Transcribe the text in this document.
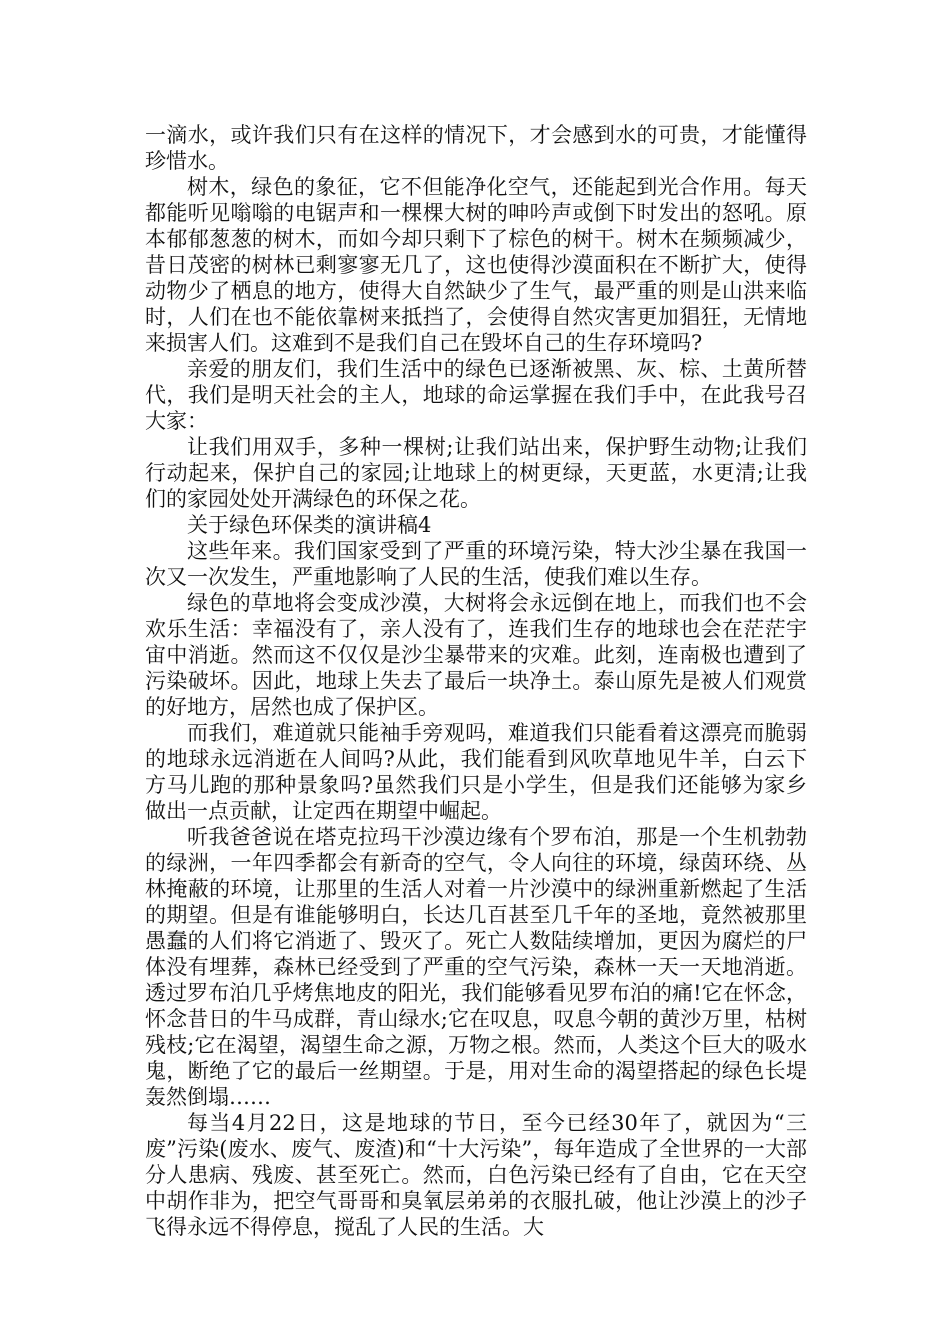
一滴水，或许我们只有在这样的情况下，才会感到水的可贵，才能懂得珍惜水。

树木，绿色的象征，它不但能净化空气，还能起到光合作用。每天都能听见嗡嗡的电锯声和一棵棵大树的呻吟声或倒下时发出的怒吼。原本郁郁葱葱的树木，而如今却只剩下了棕色的树干。树木在频频减少，昔日茂密的树林已剩寥寥无几了，这也使得沙漠面积在不断扩大，使得动物少了栖息的地方，使得大自然缺少了生气，最严重的则是山洪来临时，人们在也不能依靠树来抵挡了，会使得自然灾害更加猖狂，无情地来损害人们。这难到不是我们自己在毁坏自己的生存环境吗?

亲爱的朋友们，我们生活中的绿色已逐渐被黑、灰、棕、土黄所替代，我们是明天社会的主人，地球的命运掌握在我们手中，在此我号召大家：

让我们用双手，多种一棵树;让我们站出来，保护野生动物;让我们行动起来，保护自己的家园;让地球上的树更绿，天更蓝，水更清;让我们的家园处处开满绿色的环保之花。

关于绿色环保类的演讲稿4

这些年来。我们国家受到了严重的环境污染，特大沙尘暴在我国一次又一次发生，严重地影响了人民的生活，使我们难以生存。

绿色的草地将会变成沙漠，大树将会永远倒在地上，而我们也不会欢乐生活：幸福没有了，亲人没有了，连我们生存的地球也会在茫茫宇宙中消逝。然而这不仅仅是沙尘暴带来的灾难。此刻，连南极也遭到了污染破坏。因此，地球上失去了最后一块净土。泰山原先是被人们观赏的好地方，居然也成了保护区。

而我们，难道就只能袖手旁观吗，难道我们只能看着这漂亮而脆弱的地球永远消逝在人间吗?从此，我们能看到风吹草地见牛羊，白云下方马儿跑的那种景象吗?虽然我们只是小学生，但是我们还能够为家乡做出一点贡献，让定西在期望中崛起。

听我爸爸说在塔克拉玛干沙漠边缘有个罗布泊，那是一个生机勃勃的绿洲，一年四季都会有新奇的空气，令人向往的环境，绿茵环绕、丛林掩蔽的环境，让那里的生活人对着一片沙漠中的绿洲重新燃起了生活的期望。但是有谁能够明白，长达几百甚至几千年的圣地，竟然被那里愚蠢的人们将它消逝了、毁灭了。死亡人数陆续增加，更因为腐烂的尸体没有埋葬，森林已经受到了严重的空气污染，森林一天一天地消逝。透过罗布泊几乎烤焦地皮的阳光，我们能够看见罗布泊的痛!它在怀念，怀念昔日的牛马成群，青山绿水;它在叹息，叹息今朝的黄沙万里，枯树残枝;它在渴望，渴望生命之源，万物之根。然而，人类这个巨大的吸水鬼，断绝了它的最后一丝期望。于是，用对生命的渴望搭起的绿色长堤轰然倒塌……

每当4月22日，这是地球的节日，至今已经30年了，就因为“三废”污染(废水、废气、废渣)和“十大污染”，每年造成了全世界的一大部分人患病、残废、甚至死亡。然而，白色污染已经有了自由，它在天空中胡作非为，把空气哥哥和臭氧层弟弟的衣服扎破，他让沙漠上的沙子飞得永远不得停息，搅乱了人民的生活。大
